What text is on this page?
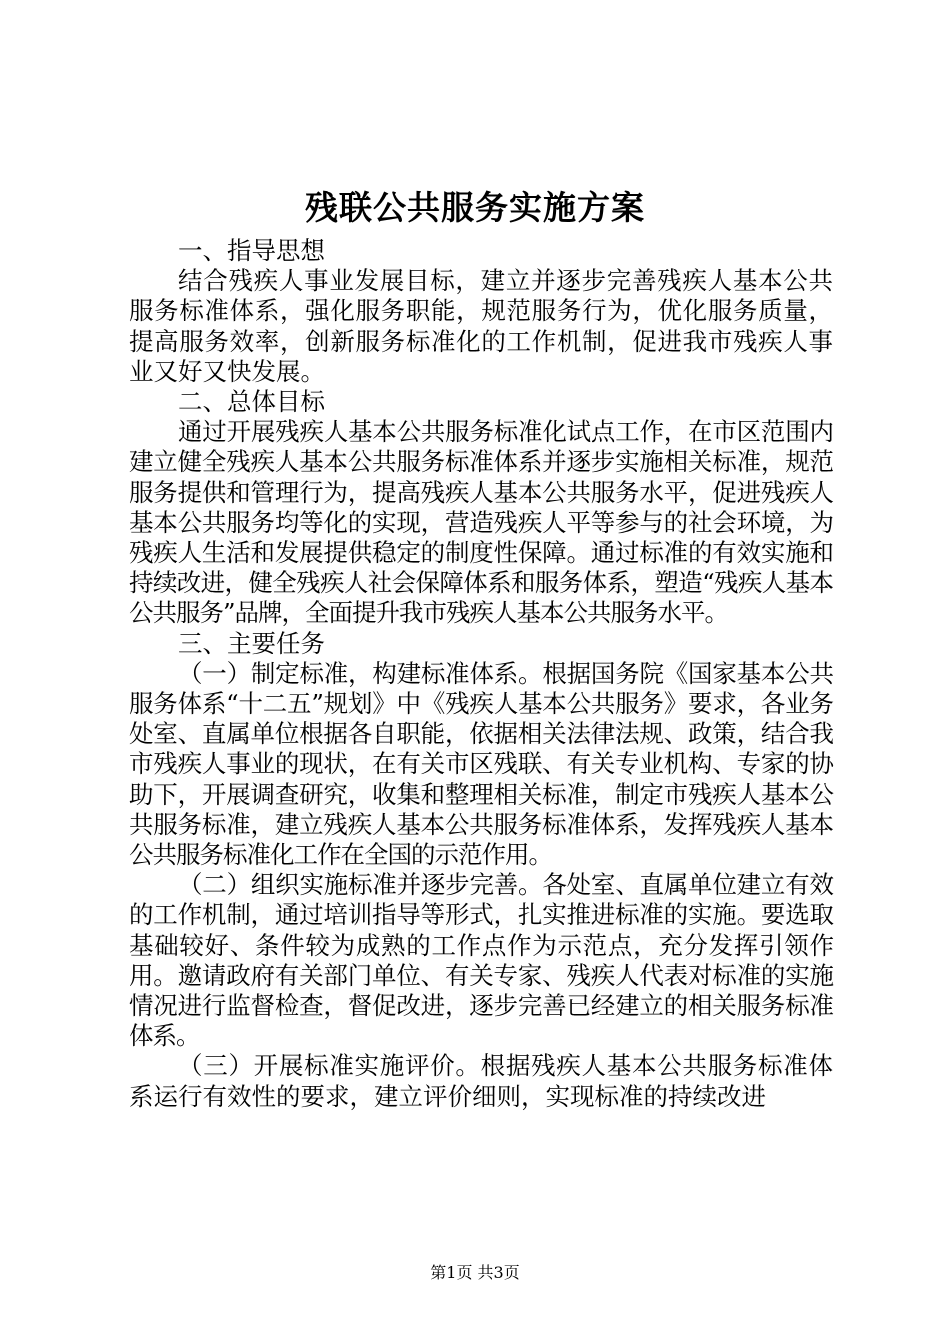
残联公共服务实施方案

一、指导思想

结合残疾人事业发展目标，建立并逐步完善残疾人基本公共服务标准体系，强化服务职能，规范服务行为，优化服务质量，提高服务效率，创新服务标准化的工作机制，促进我市残疾人事业又好又快发展。

二、总体目标

通过开展残疾人基本公共服务标准化试点工作，在市区范围内建立健全残疾人基本公共服务标准体系并逐步实施相关标准，规范服务提供和管理行为，提高残疾人基本公共服务水平，促进残疾人基本公共服务均等化的实现，营造残疾人平等参与的社会环境，为残疾人生活和发展提供稳定的制度性保障。通过标准的有效实施和持续改进，健全残疾人社会保障体系和服务体系，塑造“残疾人基本公共服务”品牌，全面提升我市残疾人基本公共服务水平。

三、主要任务

（一）制定标准，构建标准体系。根据国务院《国家基本公共服务体系“十二五”规划》中《残疾人基本公共服务》要求，各业务处室、直属单位根据各自职能，依据相关法律法规、政策，结合我市残疾人事业的现状，在有关市区残联、有关专业机构、专家的协助下，开展调查研究，收集和整理相关标准，制定市残疾人基本公共服务标准，建立残疾人基本公共服务标准体系，发挥残疾人基本公共服务标准化工作在全国的示范作用。

（二）组织实施标准并逐步完善。各处室、直属单位建立有效的工作机制，通过培训指导等形式，扎实推进标准的实施。要选取基础较好、条件较为成熟的工作点作为示范点，充分发挥引领作用。邀请政府有关部门单位、有关专家、残疾人代表对标准的实施情况进行监督检查，督促改进，逐步完善已经建立的相关服务标准体系。

（三）开展标准实施评价。根据残疾人基本公共服务标准体系运行有效性的要求，建立评价细则，实现标准的持续改进

第1页 共3页
